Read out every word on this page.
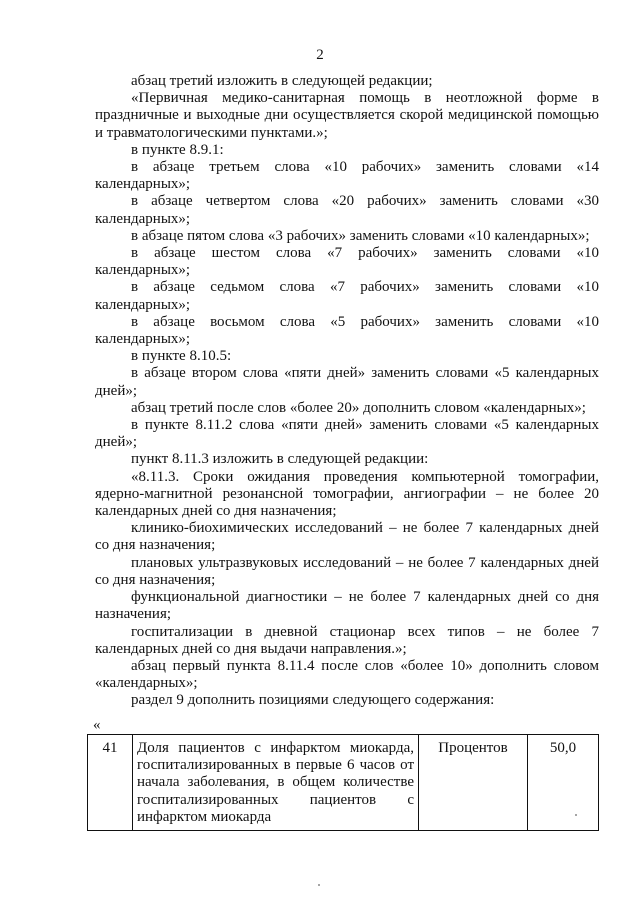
2

абзац третий изложить в следующей редакции;

«Первичная медико-санитарная помощь в неотложной форме в праздничные и выходные дни осуществляется скорой медицинской помощью и травматологическими пунктами.»;

в пункте 8.9.1:

в абзаце третьем слова «10 рабочих» заменить словами «14 календарных»;

в абзаце четвертом слова «20 рабочих» заменить словами «30 календарных»;

в абзаце пятом слова «3 рабочих» заменить словами «10 календарных»;

в абзаце шестом слова «7 рабочих» заменить словами «10 календарных»;

в абзаце седьмом слова «7 рабочих» заменить словами «10 календарных»;

в абзаце восьмом слова «5 рабочих» заменить словами «10 календарных»;

в пункте 8.10.5:

в абзаце втором слова «пяти дней» заменить словами «5 календарных дней»;

абзац третий после слов «более 20» дополнить словом «календарных»;

в пункте 8.11.2 слова «пяти дней» заменить словами «5 календарных дней»;

пункт 8.11.3 изложить в следующей редакции:

«8.11.3. Сроки ожидания проведения компьютерной томографии, ядерно-магнитной резонансной томографии, ангиографии – не более 20 календарных дней со дня назначения;

клинико-биохимических исследований – не более 7 календарных дней со дня назначения;

плановых ультразвуковых исследований – не более 7 календарных дней со дня назначения;

функциональной диагностики – не более 7 календарных дней со дня назначения;

госпитализации в дневной стационар всех типов – не более 7 календарных дней со дня выдачи направления.»;

абзац первый пункта 8.11.4 после слов «более 10» дополнить словом «календарных»;

раздел 9 дополнить позициями следующего содержания:

«
41	Доля пациентов с инфарктом миокарда, госпитализированных в первые 6 часов от начала заболевания, в общем количестве госпитализированных пациентов с инфарктом миокарда	Процентов	50,0
